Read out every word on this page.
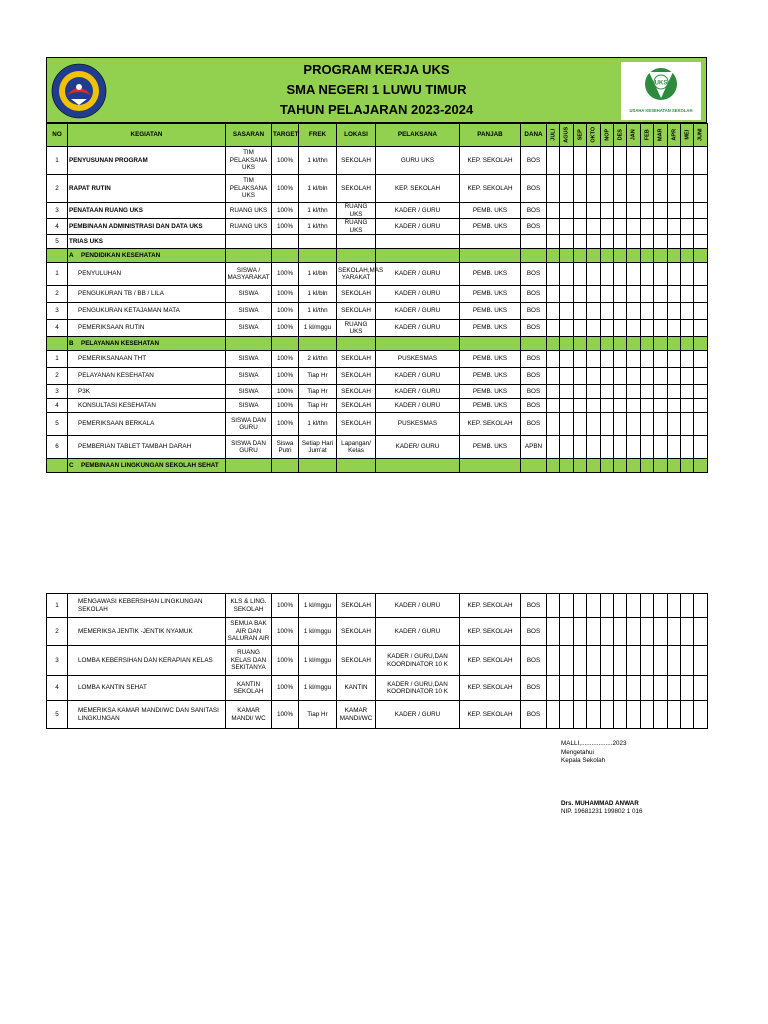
PROGRAM KERJA UKS
SMA NEGERI 1 LUWU TIMUR
TAHUN PELAJARAN 2023-2024
UKS
USAHA KESEHATAN SEKOLAH
NO	KEGIATAN	SASARAN	TARGET	FREK	LOKASI	PELAKSANA	PANJAB	DANA	JULI	AGUS	SEP	OKTO	NOP	DES	JAN	FEB	MAR	APR	MEI	JUNI

1	PENYUSUNAN PROGRAM	TIM PELAKSANA UKS	100%	1 kl/thn	SEKOLAH	GURU UKS	KEP. SEKOLAH	BOS												
2	RAPAT RUTIN	TIM PELAKSANA UKS	100%	1 kl/bln	SEKOLAH	KEP. SEKOLAH	KEP. SEKOLAH	BOS												
3	PENATAAN RUANG UKS	RUANG UKS	100%	1 kl/thn	RUANG UKS	KADER / GURU	PEMB. UKS	BOS												
4	PEMBINAAN ADMINISTRASI DAN DATA UKS	RUANG UKS	100%	1 kl/thn	RUANG UKS	KADER / GURU	PEMB. UKS	BOS												
5	TRIAS UKS																			
	A PENDIDIKAN KESEHATAN																			
1	PENYULUHAN	SISWA / MASYARAKAT	100%	1 kl/bln	SEKOLAH,MAS YARAKAT	KADER / GURU	PEMB. UKS	BOS												
2	PENGUKURAN TB / BB / LILA	SISWA	100%	1 kl/bln	SEKOLAH	KADER / GURU	PEMB. UKS	BOS												
3	PENGUKURAN KETAJAMAN MATA	SISWA	100%	1 kl/thn	SEKOLAH	KADER / GURU	PEMB. UKS	BOS												
4	PEMERIKSAAN RUTIN	SISWA	100%	1 kl/mggu	RUANG UKS	KADER / GURU	PEMB. UKS	BOS												
	B PELAYANAN KESEHATAN																			
1	PEMERIKSANAAN THT	SISWA	100%	2 kl/thn	SEKOLAH	PUSKESMAS	PEMB. UKS	BOS												
2	PELAYANAN KESEHATAN	SISWA	100%	Tiap Hr	SEKOLAH	KADER / GURU	PEMB. UKS	BOS												
3	P3K	SISWA	100%	Tiap Hr	SEKOLAH	KADER / GURU	PEMB. UKS	BOS												
4	KONSULTASI KESEHATAN	SISWA	100%	Tiap Hr	SEKOLAH	KADER / GURU	PEMB. UKS	BOS												
5	PEMERIKSAAN BERKALA	SISWA DAN GURU	100%	1 kl/thn	SEKOLAH	PUSKESMAS	KEP. SEKOLAH	BOS												
6	PEMBERIAN TABLET TAMBAH DARAH	SISWA DAN GURU	Siswa Putri	Setiap Hari Jum'at	Lapangan/ Kelas	KADER/ GURU	PEMB. UKS	APBN												
	C PEMBINAAN LINGKUNGAN SEKOLAH SEHAT																			
1	MENGAWASI KEBERSIHAN LINGKUNGAN SEKOLAH	KLS & LING. SEKOLAH	100%	1 kl/mggu	SEKOLAH	KADER / GURU	KEP. SEKOLAH	BOS												
2	MEMERIKSA JENTIK -JENTIK NYAMUK	SEMUA BAK AIR DAN SALURAN AIR	100%	1 kl/mggu	SEKOLAH	KADER / GURU	KEP. SEKOLAH	BOS												
3	LOMBA KEBERSIHAN DAN KERAPIAN KELAS	RUANG KELAS DAN SEKITANYA	100%	1 kl/mggu	SEKOLAH	KADER / GURU,DAN KOORDINATOR 10 K	KEP. SEKOLAH	BOS												
4	LOMBA KANTIN SEHAT	KANTIN SEKOLAH	100%	1 kl/mggu	KANTIN	KADER / GURU,DAN KOORDINATOR 10 K	KEP. SEKOLAH	BOS												
5	MEMERIKSA KAMAR MANDI/WC DAN SANITASI LINGKUNGAN	KAMAR MANDI/ WC	100%	Tiap Hr	KAMAR MANDI/WC	KADER / GURU	KEP. SEKOLAH	BOS												
MALLI,..................2023
Mengetahui
Kepala Sekolah
Drs. MUHAMMAD ANWAR
NIP. 19681231 199802 1 016
